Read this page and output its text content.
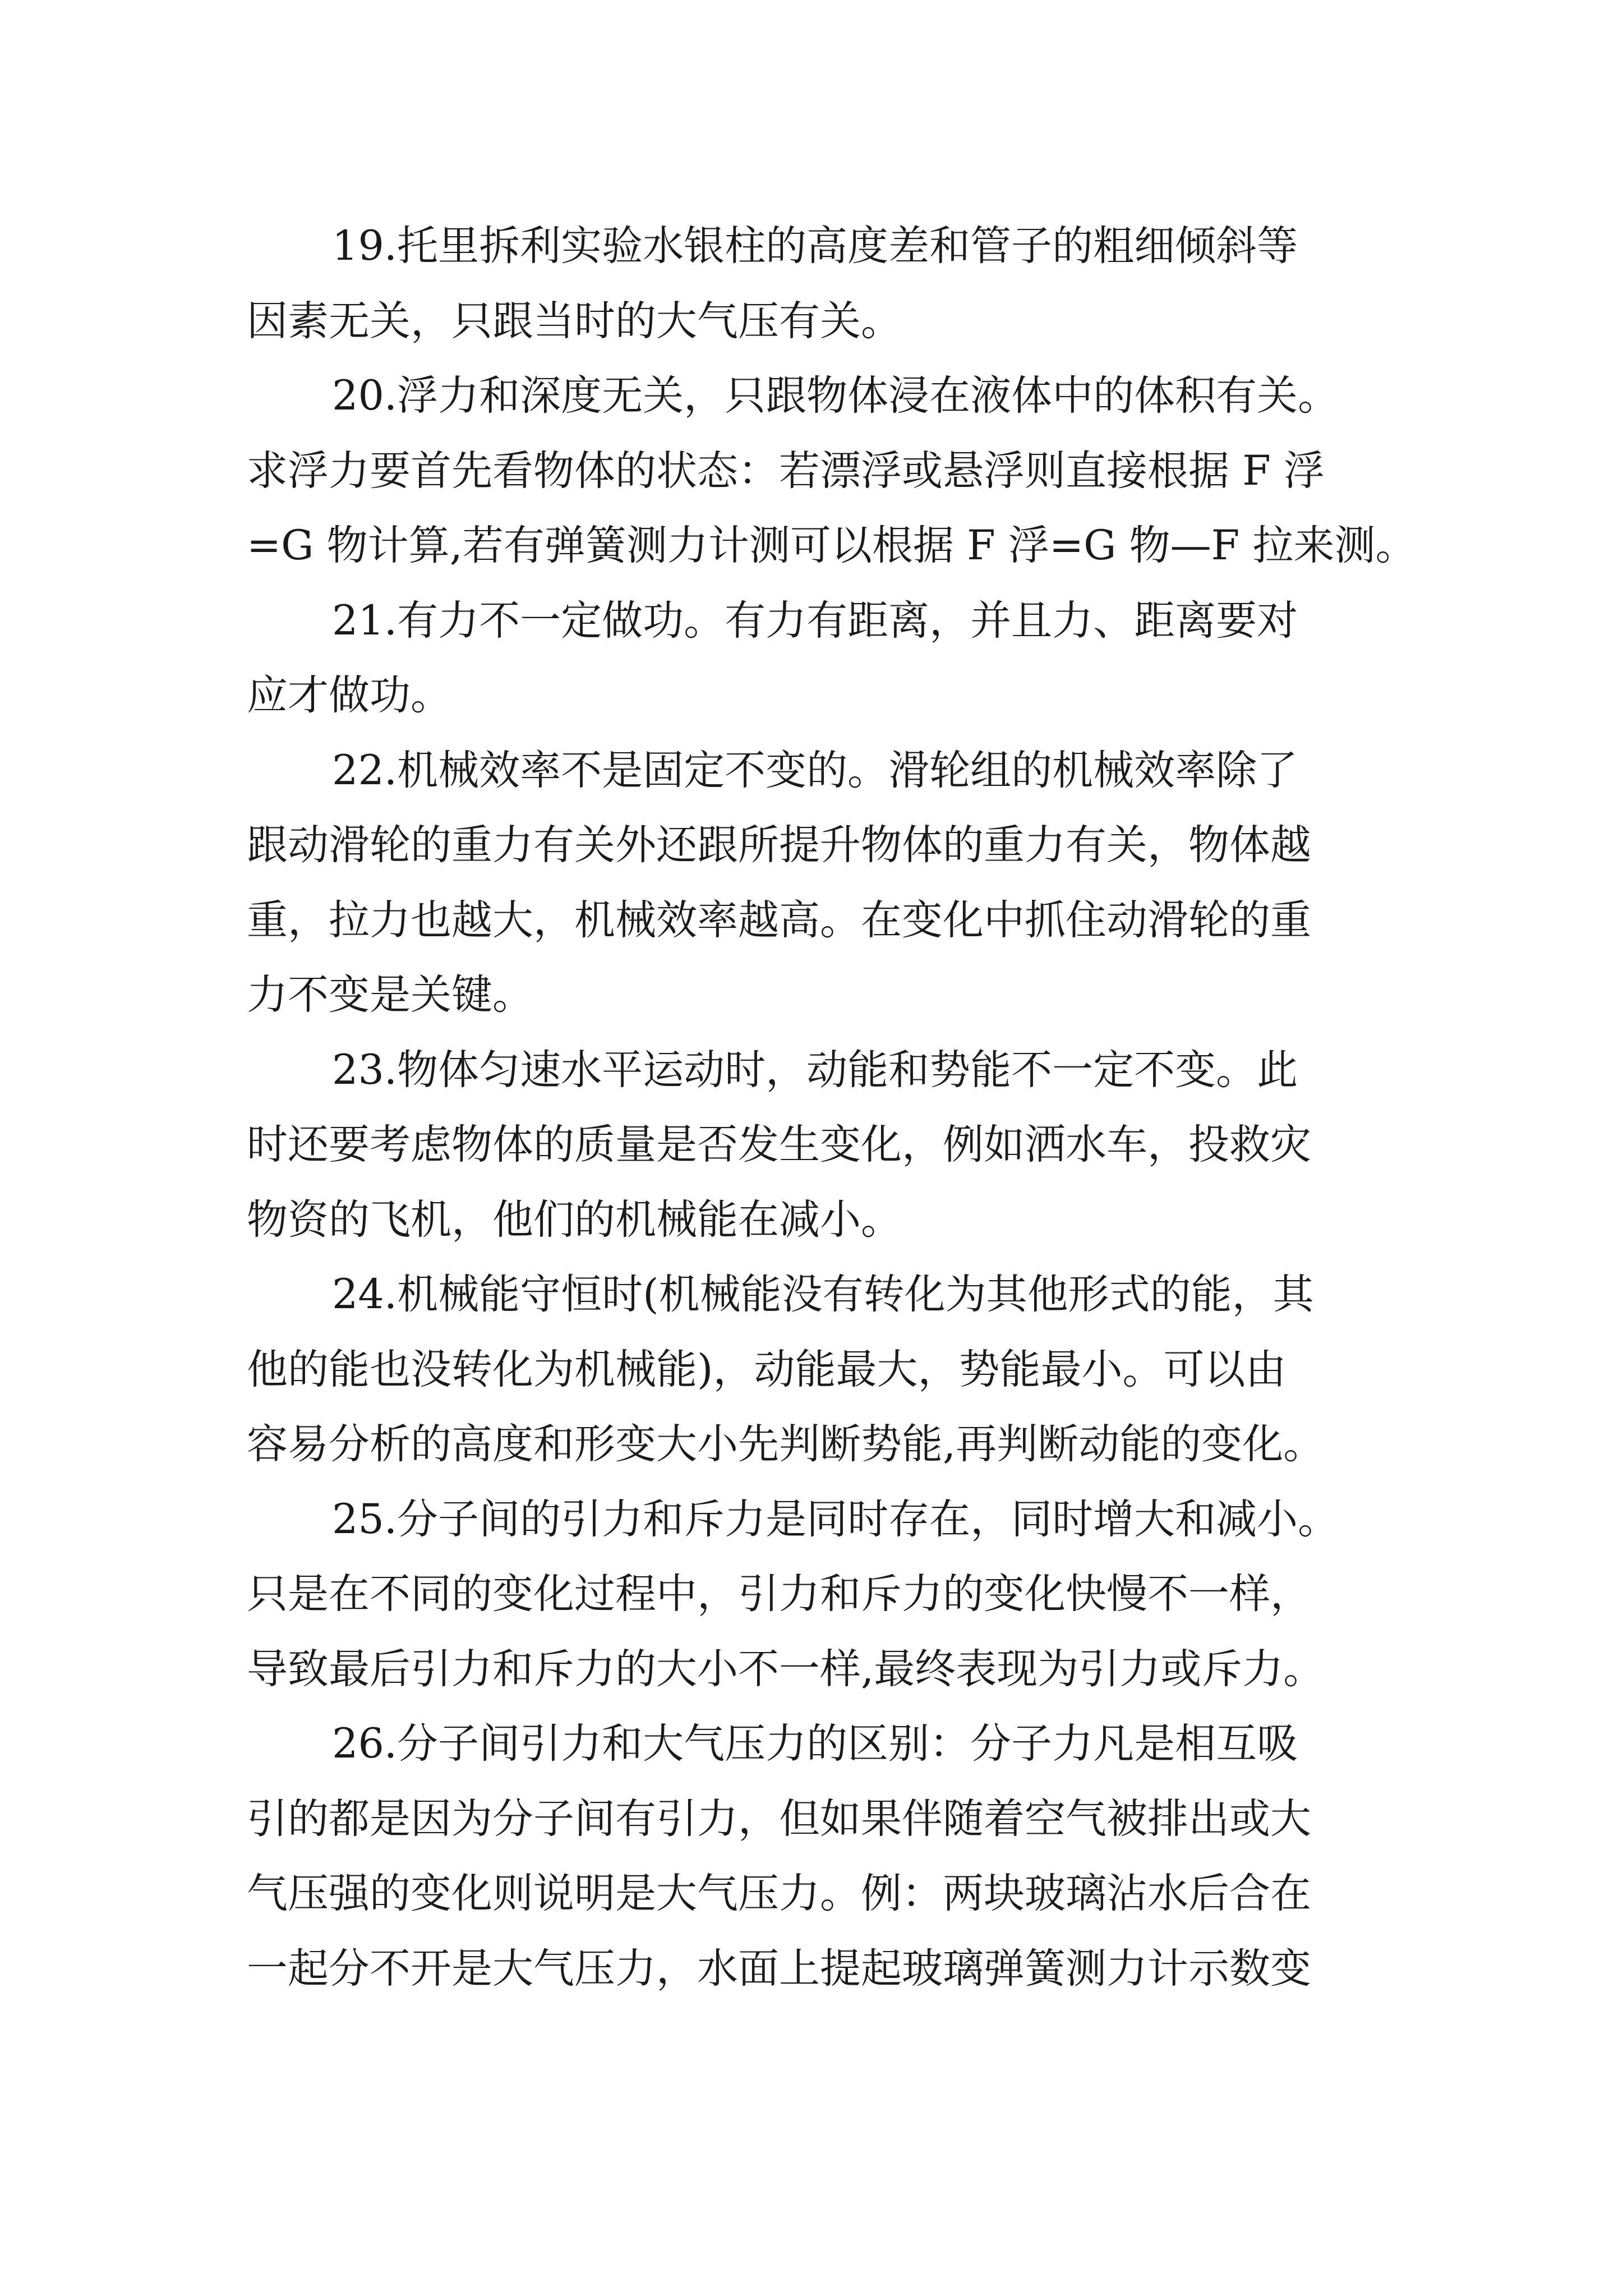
19.托里拆利实验水银柱的高度差和管子的粗细倾斜等
因素无关，只跟当时的大气压有关。
20.浮力和深度无关，只跟物体浸在液体中的体积有关。
求浮力要首先看物体的状态：若漂浮或悬浮则直接根据 F 浮
=G 物计算,若有弹簧测力计测可以根据 F 浮=G 物—F 拉来测。
21.有力不一定做功。有力有距离，并且力、距离要对
应才做功。
22.机械效率不是固定不变的。滑轮组的机械效率除了
跟动滑轮的重力有关外还跟所提升物体的重力有关，物体越
重，拉力也越大，机械效率越高。在变化中抓住动滑轮的重
力不变是关键。
23.物体匀速水平运动时，动能和势能不一定不变。此
时还要考虑物体的质量是否发生变化，例如洒水车，投救灾
物资的飞机，他们的机械能在减小。
24.机械能守恒时(机械能没有转化为其他形式的能，其
他的能也没转化为机械能)，动能最大，势能最小。可以由
容易分析的高度和形变大小先判断势能,再判断动能的变化。
25.分子间的引力和斥力是同时存在，同时增大和减小。
只是在不同的变化过程中，引力和斥力的变化快慢不一样，
导致最后引力和斥力的大小不一样,最终表现为引力或斥力。
26.分子间引力和大气压力的区别：分子力凡是相互吸
引的都是因为分子间有引力，但如果伴随着空气被排出或大
气压强的变化则说明是大气压力。例：两块玻璃沾水后合在
一起分不开是大气压力，水面上提起玻璃弹簧测力计示数变
